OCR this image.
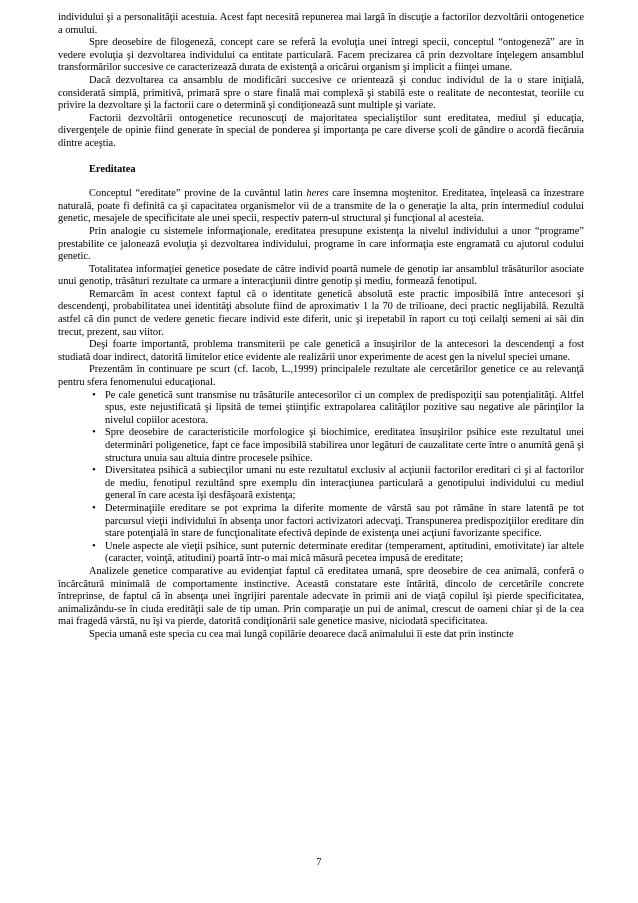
individului şi a personalităţii acestuia. Acest fapt necesită repunerea mai largă în discuţie a factorilor dezvoltării ontogenetice a omului.

Spre deosebire de filogeneză, concept care se referă la evoluţia unei întregi specii, conceptul “ontogeneză” are în vedere evoluţia şi dezvoltarea individului ca entitate particulară. Facem precizarea că prin dezvoltare înţelegem ansamblul transformărilor succesive ce caracterizează durata de existenţă a oricărui organism şi implicit a fiinţei umane.

Dacă dezvoltarea ca ansamblu de modificări succesive ce orientează şi conduc individul de la o stare iniţială, considerată simplă, primitivă, primară spre o stare finală mai complexă şi stabilă este o realitate de necontestat, teoriile cu privire la dezvoltare şi la factorii care o determină şi condiţionează sunt multiple şi variate.

Factorii dezvoltării ontogenetice recunoscuţi de majoritatea specialiştilor sunt ereditatea, mediul şi educaţia, divergenţele de opinie fiind generate în special de ponderea şi importanţa pe care diverse şcoli de gândire o acordă fiecăruia dintre aceştia.

Ereditatea

Conceptul “ereditate” provine de la cuvântul latin heres care însemna moştenitor. Ereditatea, înţeleasă ca înzestrare naturală, poate fi definită ca şi capacitatea organismelor vii de a transmite de la o generaţie la alta, prin intermediul codului genetic, mesajele de specificitate ale unei specii, respectiv patern-ul structural şi funcţional al acesteia.

Prin analogie cu sistemele informaţionale, ereditatea presupune existenţa la nivelul individului a unor “programe” prestabilite ce jalonează evoluţia şi dezvoltarea individului, programe în care informaţia este engramată cu ajutorul codului genetic.

Totalitatea informaţiei genetice posedate de către individ poartă numele de genotip iar ansamblul trăsăturilor asociate unui genotip, trăsături rezultate ca urmare a interacţiunii dintre genotip şi mediu, formează fenotipul.

Remarcăm în acest context faptul că o identitate genetică absolută este practic imposibilă între antecesori şi descendenţi, probabilitatea unei identităţi absolute fiind de aproximativ 1 la 70 de trilioane, deci practic neglijabilă. Rezultă astfel că din punct de vedere genetic fiecare individ este diferit, unic şi irepetabil în raport cu toţi ceilalţi semeni ai săi din trecut, prezent, sau viitor.

Deşi foarte importantă, problema transmiterii pe cale genetică a însuşirilor de la antecesori la descendenţi a fost studiată doar indirect, datorită limitelor etice evidente ale realizării unor experimente de acest gen la nivelul speciei umane.

Prezentăm în continuare pe scurt (cf. Iacob, L.,1999) principalele rezultate ale cercetărilor genetice ce au relevanţă pentru sfera fenomenului educaţional.

• Pe cale genetică sunt transmise nu trăsăturile antecesorilor ci un complex de predispoziţii sau potenţialităţi. Altfel spus, este nejustificată şi lipsită de temei ştiinţific extrapolarea calităţilor pozitive sau negative ale părinţilor la nivelul copiilor acestora.
• Spre deosebire de caracteristicile morfologice şi biochimice, ereditatea însuşirilor psihice este rezultatul unei determinări poligenetice, fapt ce face imposibilă stabilirea unor legături de cauzalitate certe între o anumită genă şi structura unuia sau altuia dintre procesele psihice.
• Diversitatea psihică a subiecţilor umani nu este rezultatul exclusiv al acţiunii factorilor ereditari ci şi al factorilor de mediu, fenotipul rezultând spre exemplu din interacţiunea particulară a genotipului individului cu mediul general în care acesta îşi desfăşoară existenţa;
• Determinaţiile ereditare se pot exprima la diferite momente de vârstă sau pot rămâne în stare latentă pe tot parcursul vieţii individului în absenţa unor factori activizatori adecvaţi. Transpunerea predispoziţiilor ereditare din stare potenţială în stare de funcţionalitate efectivă depinde de existenţa unei acţiuni favorizante specifice.
• Unele aspecte ale vieţii psihice, sunt puternic determinate ereditar (temperament, aptitudini, emotivitate) iar altele (caracter, voinţă, atitudini) poartă într-o mai mică măsură pecetea impusă de ereditate;

Analizele genetice comparative au evidenţiat faptul că ereditatea umană, spre deosebire de cea animală, conferă o încărcătură minimală de comportamente instinctive. Această constatare este întărită, dincolo de cercetările concrete întreprinse, de faptul că în absenţa unei îngrijiri parentale adecvate în primii ani de viaţă copilul îşi pierde specificitatea, animalizându-se în ciuda eredităţii sale de tip uman. Prin comparaţie un pui de animal, crescut de oameni chiar şi de la cea mai fragedă vârstă, nu îşi va pierde, datorită condiţionării sale genetice masive, niciodată specificitatea.

Specia umană este specia cu cea mai lungă copilărie deoarece dacă animalului îi este dat prin instincte

7
